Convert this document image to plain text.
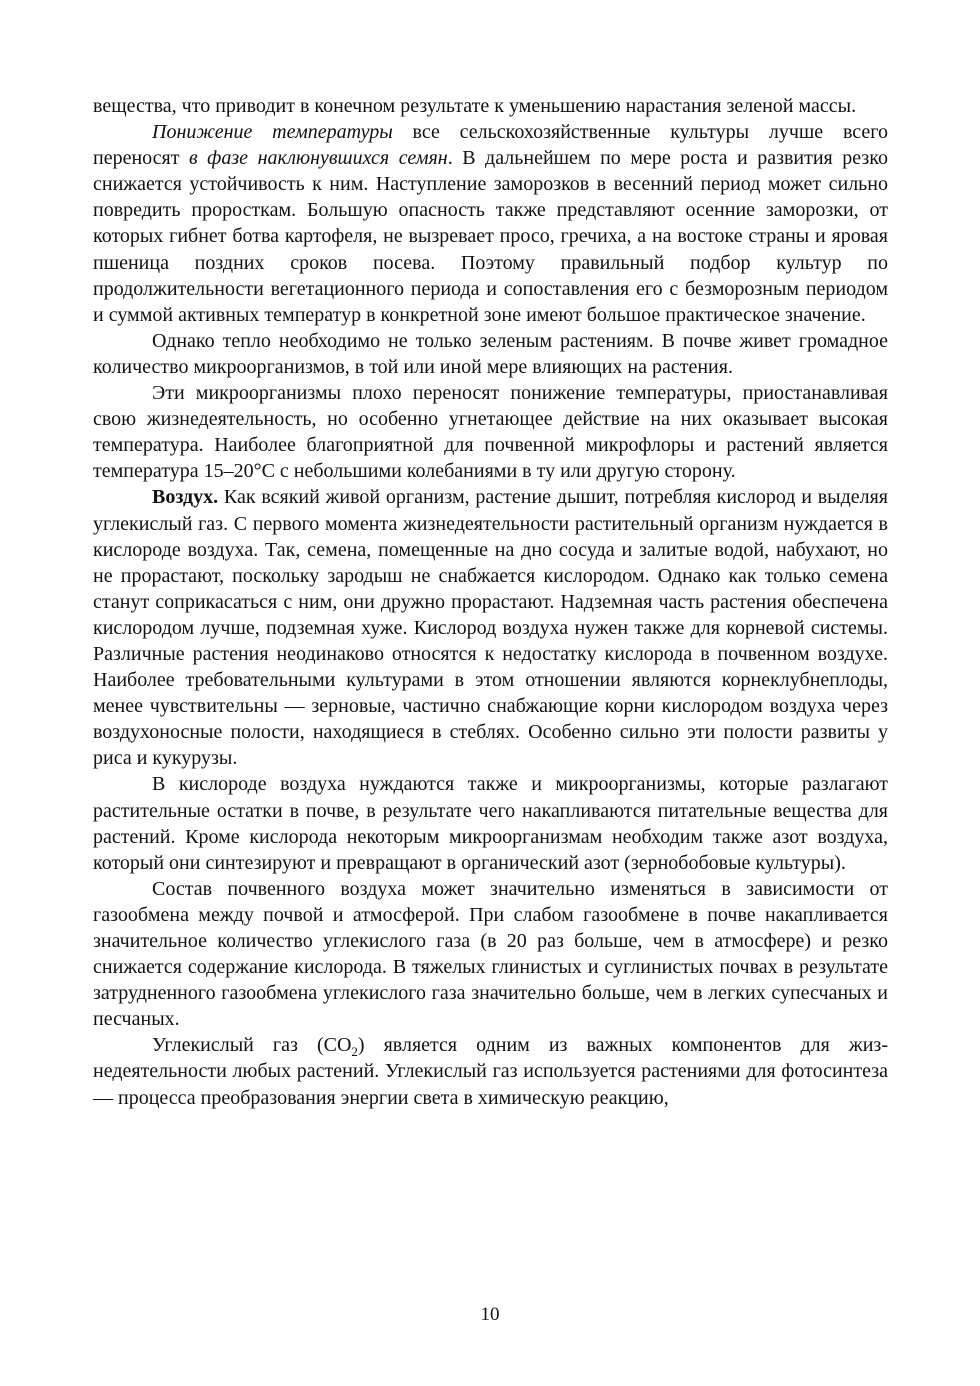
вещества, что приводит в конечном результате к уменьшению нарастания зеленой массы.

Понижение температуры все сельскохозяйственные культуры лучше всего переносят в фазе наклюнувшихся семян. В дальнейшем по мере роста и развития резко снижается устойчивость к ним. Наступление заморозков в весенний период может сильно повредить проросткам. Большую опасность также представляют осенние заморозки, от которых гибнет ботва картофеля, не вызревает просо, гречиха, а на востоке страны и яровая пшеница поздних сроков посева. Поэтому правильный подбор культур по продолжительности вегетационного периода и сопоставления его с безморозным периодом и суммой активных температур в конкретной зоне имеют большое практическое значение.

Однако тепло необходимо не только зеленым растениям. В почве живет громадное количество микроорганизмов, в той или иной мере влияющих на растения.

Эти микроорганизмы плохо переносят понижение температуры, приостанавливая свою жизнедеятельность, но особенно угнетающее действие на них оказывает высокая температура. Наиболее благоприятной для почвенной микрофлоры и растений является температура 15–20°С с небольшими колебаниями в ту или другую сторону.

Воздух. Как всякий живой организм, растение дышит, потребляя кислород и выделяя углекислый газ. С первого момента жизнедеятельности растительный организм нуждается в кислороде воздуха. Так, семена, помещенные на дно сосуда и залитые водой, набухают, но не прорастают, поскольку зародыш не снабжается кислородом. Однако как только семена станут соприкасаться с ним, они дружно прорастают. Надземная часть растения обеспечена кислородом лучше, подземная хуже. Кислород воздуха нужен также для корневой системы. Различные растения неодинаково относятся к недостатку кислорода в почвенном воздухе. Наиболее требовательными культурами в этом отношении являются корнеклубнеплоды, менее чувствительны — зерновые, частично снабжающие корни кислородом воздуха через воздухоносные полости, находящиеся в стеблях. Особенно сильно эти полости развиты у риса и кукурузы.

В кислороде воздуха нуждаются также и микроорганизмы, которые разлагают растительные остатки в почве, в результате чего накапливаются питательные вещества для растений. Кроме кислорода некоторым микроорганизмам необходим также азот воздуха, который они синтезируют и превращают в органический азот (зернобобовые культуры).

Состав почвенного воздуха может значительно изменяться в зависимости от газообмена между почвой и атмосферой. При слабом газообмене в почве накапливается значительное количество углекислого газа (в 20 раз больше, чем в атмосфере) и резко снижается содержание кислорода. В тяжелых глинистых и суглинистых почвах в результате затрудненного газообмена углекислого газа значительно больше, чем в легких супесчаных и песчаных.

Углекислый газ $(СО_2)$ является одним из важных компонентов для жизнедеятельности любых растений. Углекислый газ используется растениями для фотосинтеза — процесса преобразования энергии света в химическую реакцию,

10
